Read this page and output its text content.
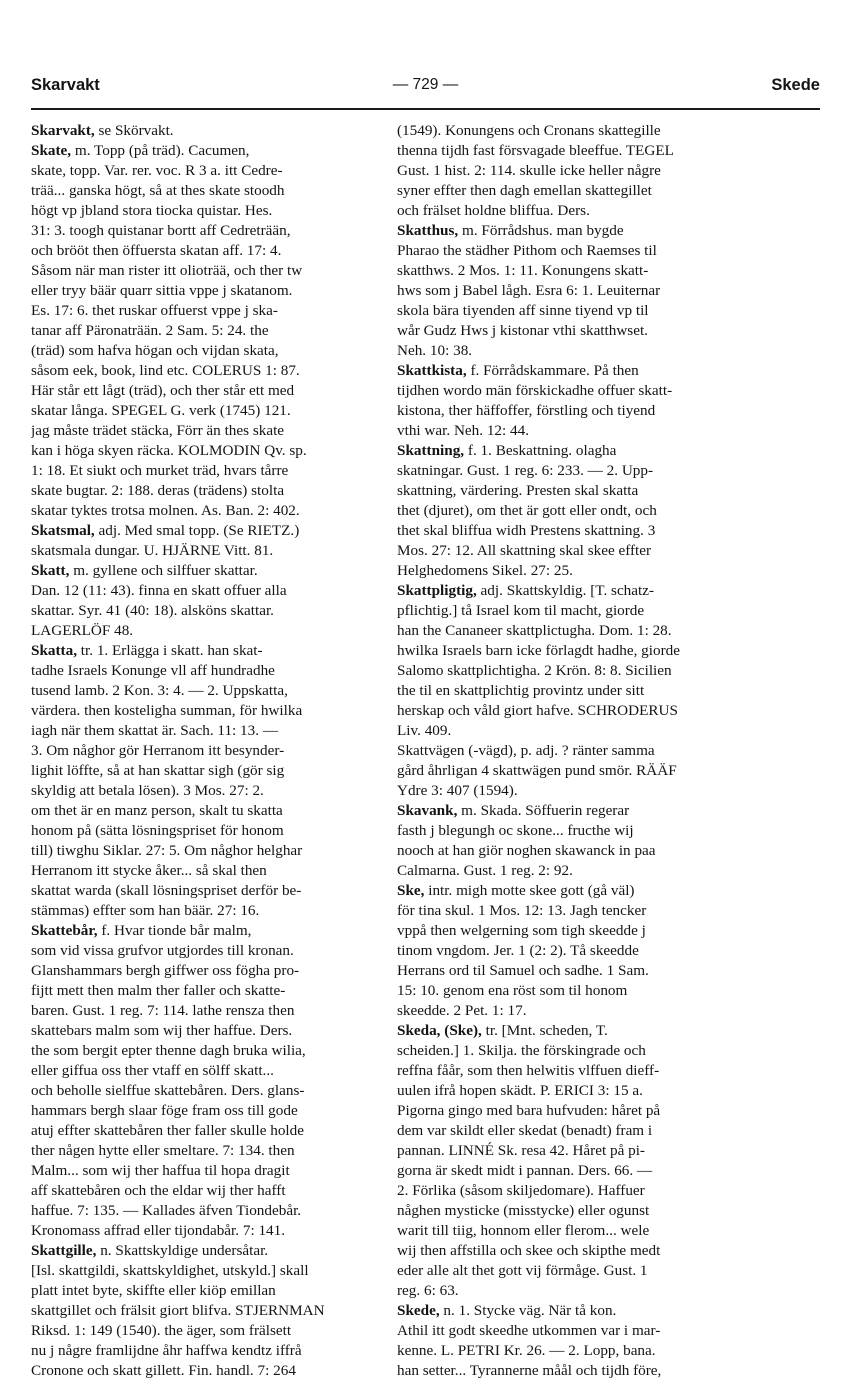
Skarvakt	— 729 —	Skede
Skarvakt, se Skörvakt.
Skate, m. Topp (på träd). Cacumen,
skate, topp. Var. rer. voc. R 3 a. itt Cedre-
trää... ganska högt, så at thes skate stoodh
högt vp jbland stora tiocka quistar. Hes.
31: 3. toogh quistanar bortt aff Cedreträän,
och brööt then öffuersta skatan aff. 17: 4.
Såsom när man rister itt olioträä, och ther tw
eller tryy bäär quarr sittia vppe j skatanom.
Es. 17: 6. thet ruskar offuerst vppe j ska-
tanar aff Päronaträän. 2 Sam. 5: 24. the
(träd) som hafva högan och vijdan skata,
såsom eek, book, lind etc. COLERUS 1: 87.
Här står ett lågt (träd), och ther står ett med
skatar långa. SPEGEL G. verk (1745) 121.
jag måste trädet stäcka, Förr än thes skate
kan i höga skyen räcka. KOLMODIN Qv. sp.
1: 18. Et siukt och murket träd, hvars tårre
skate bugtar. 2: 188. deras (trädens) stolta
skatar tyktes trotsa molnen. As. Ban. 2: 402.
Skatsmal, adj. Med smal topp. (Se RIETZ.)
skatsmala dungar. U. HJÄRNE Vitt. 81.
Skatt, m. gyllene och silffuer skattar.
Dan. 12 (11: 43). finna en skatt offuer alla
skattar. Syr. 41 (40: 18). alsköns skattar.
LAGERLÖF 48.
Skatta, tr. 1. Erlägga i skatt. han skat-
tadhe Israels Konunge vll aff hundradhe
tusend lamb. 2 Kon. 3: 4. — 2. Uppskatta,
värdera. then kosteligha summan, för hwilka
iagh när them skattat är. Sach. 11: 13. —
3. Om någhor gör Herranom itt besynder-
lighit löffte, så at han skattar sigh (gör sig
skyldig att betala lösen). 3 Mos. 27: 2.
om thet är en manz person, skalt tu skatta
honom på (sätta lösningspriset för honom
till) tiwghu Siklar. 27: 5. Om någhor helghar
Herranom itt stycke åker... så skal then
skattat warda (skall lösningspriset derför be-
stämmas) effter som han bäär. 27: 16.
Skattebår, f. Hvar tionde bår malm,
som vid vissa grufvor utgjordes till kronan.
Glanshammars bergh giffwer oss fögha pro-
fijtt mett then malm ther faller och skatte-
baren. Gust. 1 reg. 7: 114. lathe rensza then
skattebars malm som wij ther haffue. Ders.
the som bergit epter thenne dagh bruka wilia,
eller giffua oss ther vtaff en sölff skatt...
och beholle sielffue skattebåren. Ders. glans-
hammars bergh slaar föge fram oss till gode
atuj effter skattebåren ther faller skulle holde
ther någen hytte eller smeltare. 7: 134. then
Malm... som wij ther haffua til hopa dragit
aff skattebåren och the eldar wij ther hafft
haffue. 7: 135. — Kallades äfven Tiondebår.
Kronomass affrad eller tijondabår. 7: 141.
Skattgille, n. Skattskyldige undersåtar.
[Isl. skattgildi, skattskyldighet, utskyld.] skall
platt intet byte, skiffte eller kiöp emillan
skattgillet och frälsit giort blifva. STJERNMAN
Riksd. 1: 149 (1540). the äger, som frälsett
nu j någre framlijdne åhr haffwa kendtz iffrå
Cronone och skatt gillett. Fin. handl. 7: 264
(1549). Konungens och Cronans skattegille
thenna tijdh fast försvagade bleeffue. TEGEL
Gust. 1 hist. 2: 114. skulle icke heller någre
syner effter then dagh emellan skattegillet
och frälset holdne bliffua. Ders.
Skatthus, m. Förrådshus. man bygde
Pharao the städher Pithom och Raemses til
skatthws. 2 Mos. 1: 11. Konungens skatt-
hws som j Babel lågh. Esra 6: 1. Leuiternar
skola bära tiyenden aff sinne tiyend vp til
wår Gudz Hws j kistonar vthi skatthwset.
Neh. 10: 38.
Skattkista, f. Förrådskammare. På then
tijdhen wordo män förskickadhe offuer skatt-
kistona, ther häffoffer, förstling och tiyend
vthi war. Neh. 12: 44.
Skattning, f. 1. Beskattning. olagha
skatningar. Gust. 1 reg. 6: 233. — 2. Upp-
skattning, värdering. Presten skal skatta
thet (djuret), om thet är gott eller ondt, och
thet skal bliffua widh Prestens skattning. 3
Mos. 27: 12. All skattning skal skee effter
Helghedomens Sikel. 27: 25.
Skattpligtig, adj. Skattskyldig. [T. schatz-
pflichtig.] tå Israel kom til macht, giorde
han the Cananeer skattplictugha. Dom. 1: 28.
hwilka Israels barn icke förlagdt hadhe, giorde
Salomo skattplichtigha. 2 Krön. 8: 8. Sicilien
the til en skattplichtig provintz under sitt
herskap och våld giort hafve. SCHRODERUS
Liv. 409.
Skattvägen (-vägd), p. adj. ? ränter samma
gård åhrligan 4 skattwägen pund smör. RÄÄF
Ydre 3: 407 (1594).
Skavank, m. Skada. Söffuerin regerar
fasth j blegungh oc skone... fructhe wij
nooch at han giör noghen skawanck in paa
Calmarna. Gust. 1 reg. 2: 92.
Ske, intr. migh motte skee gott (gå väl)
för tina skul. 1 Mos. 12: 13. Jagh tencker
vppå then welgerning som tigh skeedde j
tinom vngdom. Jer. 1 (2: 2). Tå skeedde
Herrans ord til Samuel och sadhe. 1 Sam.
15: 10. genom ena röst som til honom
skeedde. 2 Pet. 1: 17.
Skeda, (Ske), tr. [Mnt. scheden, T.
scheiden.] 1. Skilja. the förskingrade och
reffna fåår, som then helwitis vlffuen dieff-
uulen ifrå hopen skädt. P. ERICI 3: 15 a.
Pigorna gingo med bara hufvuden: håret på
dem var skildt eller skedat (benadt) fram i
pannan. LINNÉ Sk. resa 42. Håret på pi-
gorna är skedt midt i pannan. Ders. 66. —
2. Förlika (såsom skiljedomare). Haffuer
någhen mysticke (misstycke) eller ogunst
warit till tiig, honnom eller flerom... wele
wij then affstilla och skee och skipthe medt
eder alle alt thet gott vij förmåge. Gust. 1
reg. 6: 63.
Skede, n. 1. Stycke väg. När tå kon.
Athil itt godt skeedhe utkommen var i mar-
kenne. L. PETRI Kr. 26. — 2. Lopp, bana.
han setter... Tyrannerne måål och tijdh före,
